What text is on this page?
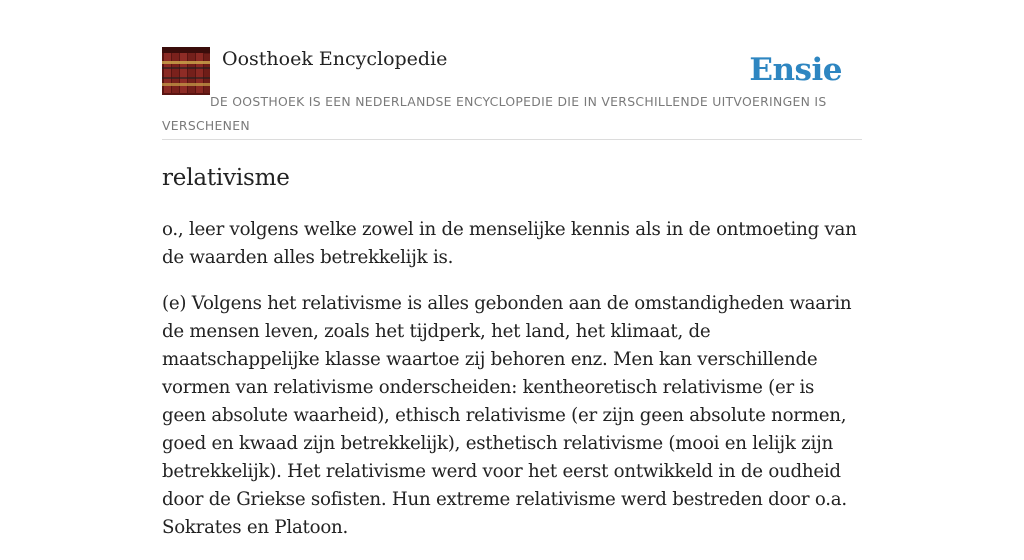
Oosthoek Encyclopedie	Ensie
DE OOSTHOEK IS EEN NEDERLANDSE ENCYCLOPEDIE DIE IN VERSCHILLENDE UITVOERINGEN IS VERSCHENEN
relativisme

o., leer volgens welke zowel in de menselijke kennis als in de ontmoeting van de waarden alles betrekkelijk is.

(e) Volgens het relativisme is alles gebonden aan de omstandigheden waarin de mensen leven, zoals het tijdperk, het land, het klimaat, de maatschappelijke klasse waartoe zij behoren enz. Men kan verschillende vormen van relativisme onderscheiden: kentheoretisch relativisme (er is geen absolute waarheid), ethisch relativisme (er zijn geen absolute normen, goed en kwaad zijn betrekkelijk), esthetisch relativisme (mooi en lelijk zijn betrekkelijk). Het relativisme werd voor het eerst ontwikkeld in de oudheid door de Griekse sofisten. Hun extreme relativisme werd bestreden door o.a. Sokrates en Platoon.
